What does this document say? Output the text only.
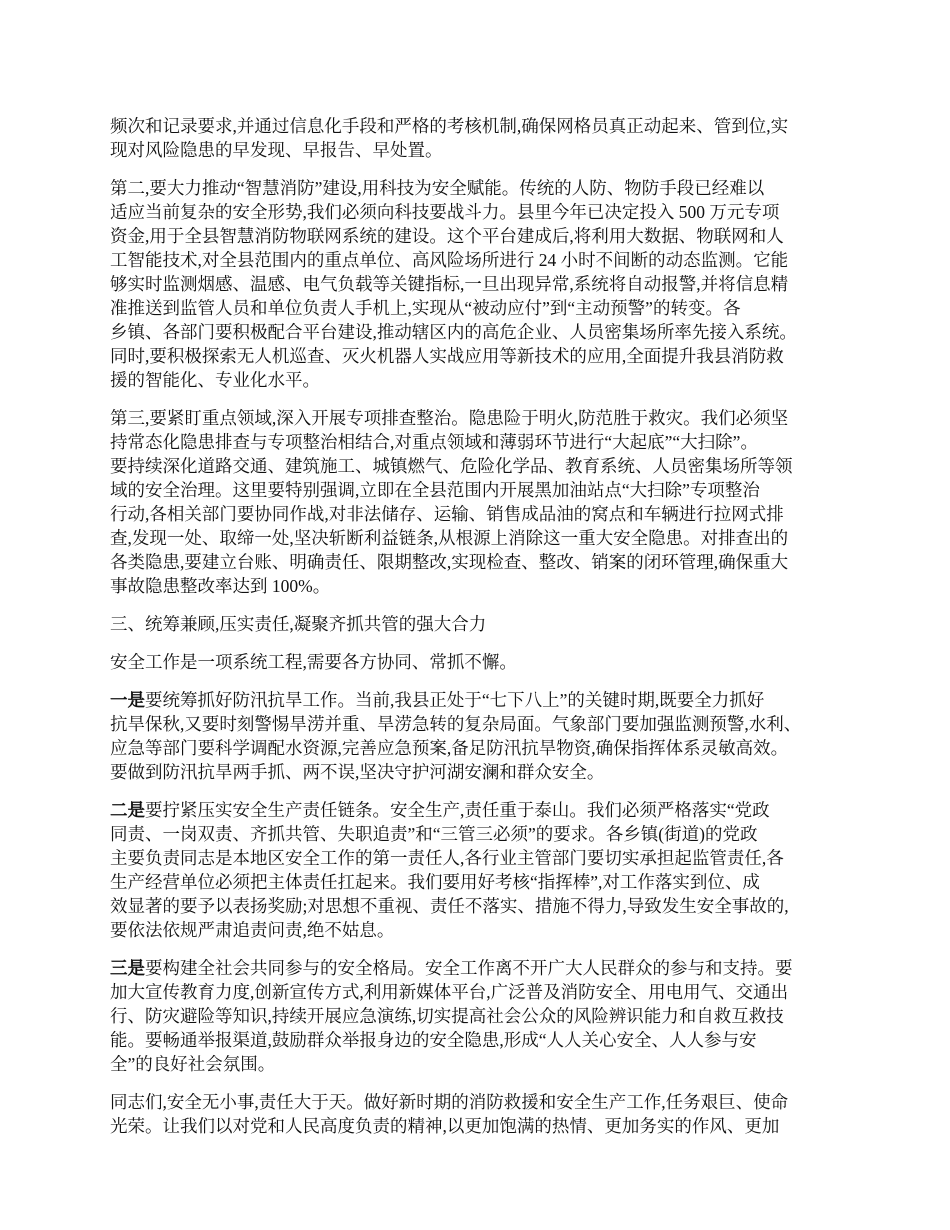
频次和记录要求,并通过信息化手段和严格的考核机制,确保网格员真正动起来、管到位,实
现对风险隐患的早发现、早报告、早处置。

第二,要大力推动“智慧消防”建设,用科技为安全赋能。传统的人防、物防手段已经难以
适应当前复杂的安全形势,我们必须向科技要战斗力。县里今年已决定投入 500 万元专项
资金,用于全县智慧消防物联网系统的建设。这个平台建成后,将利用大数据、物联网和人
工智能技术,对全县范围内的重点单位、高风险场所进行 24 小时不间断的动态监测。它能
够实时监测烟感、温感、电气负载等关键指标,一旦出现异常,系统将自动报警,并将信息精
准推送到监管人员和单位负责人手机上,实现从“被动应付”到“主动预警”的转变。各
乡镇、各部门要积极配合平台建设,推动辖区内的高危企业、人员密集场所率先接入系统。
同时,要积极探索无人机巡查、灭火机器人实战应用等新技术的应用,全面提升我县消防救
援的智能化、专业化水平。

第三,要紧盯重点领域,深入开展专项排查整治。隐患险于明火,防范胜于救灾。我们必须坚
持常态化隐患排查与专项整治相结合,对重点领域和薄弱环节进行“大起底”“大扫除”。
要持续深化道路交通、建筑施工、城镇燃气、危险化学品、教育系统、人员密集场所等领
域的安全治理。这里要特别强调,立即在全县范围内开展黑加油站点“大扫除”专项整治
行动,各相关部门要协同作战,对非法储存、运输、销售成品油的窝点和车辆进行拉网式排
查,发现一处、取缔一处,坚决斩断利益链条,从根源上消除这一重大安全隐患。对排查出的
各类隐患,要建立台账、明确责任、限期整改,实现检查、整改、销案的闭环管理,确保重大
事故隐患整改率达到 100%。

三、统筹兼顾,压实责任,凝聚齐抓共管的强大合力

安全工作是一项系统工程,需要各方协同、常抓不懈。

一是要统筹抓好防汛抗旱工作。当前,我县正处于“七下八上”的关键时期,既要全力抓好
抗旱保秋,又要时刻警惕旱涝并重、旱涝急转的复杂局面。气象部门要加强监测预警,水利、
应急等部门要科学调配水资源,完善应急预案,备足防汛抗旱物资,确保指挥体系灵敏高效。
要做到防汛抗旱两手抓、两不误,坚决守护河湖安澜和群众安全。

二是要拧紧压实安全生产责任链条。安全生产,责任重于泰山。我们必须严格落实“党政
同责、一岗双责、齐抓共管、失职追责”和“三管三必须”的要求。各乡镇(街道)的党政
主要负责同志是本地区安全工作的第一责任人,各行业主管部门要切实承担起监管责任,各
生产经营单位必须把主体责任扛起来。我们要用好考核“指挥棒”,对工作落实到位、成
效显著的要予以表扬奖励;对思想不重视、责任不落实、措施不得力,导致发生安全事故的,
要依法依规严肃追责问责,绝不姑息。

三是要构建全社会共同参与的安全格局。安全工作离不开广大人民群众的参与和支持。要
加大宣传教育力度,创新宣传方式,利用新媒体平台,广泛普及消防安全、用电用气、交通出
行、防灾避险等知识,持续开展应急演练,切实提高社会公众的风险辨识能力和自救互救技
能。要畅通举报渠道,鼓励群众举报身边的安全隐患,形成“人人关心安全、人人参与安
全”的良好社会氛围。

同志们,安全无小事,责任大于天。做好新时期的消防救援和安全生产工作,任务艰巨、使命
光荣。让我们以对党和人民高度负责的精神,以更加饱满的热情、更加务实的作风、更加
